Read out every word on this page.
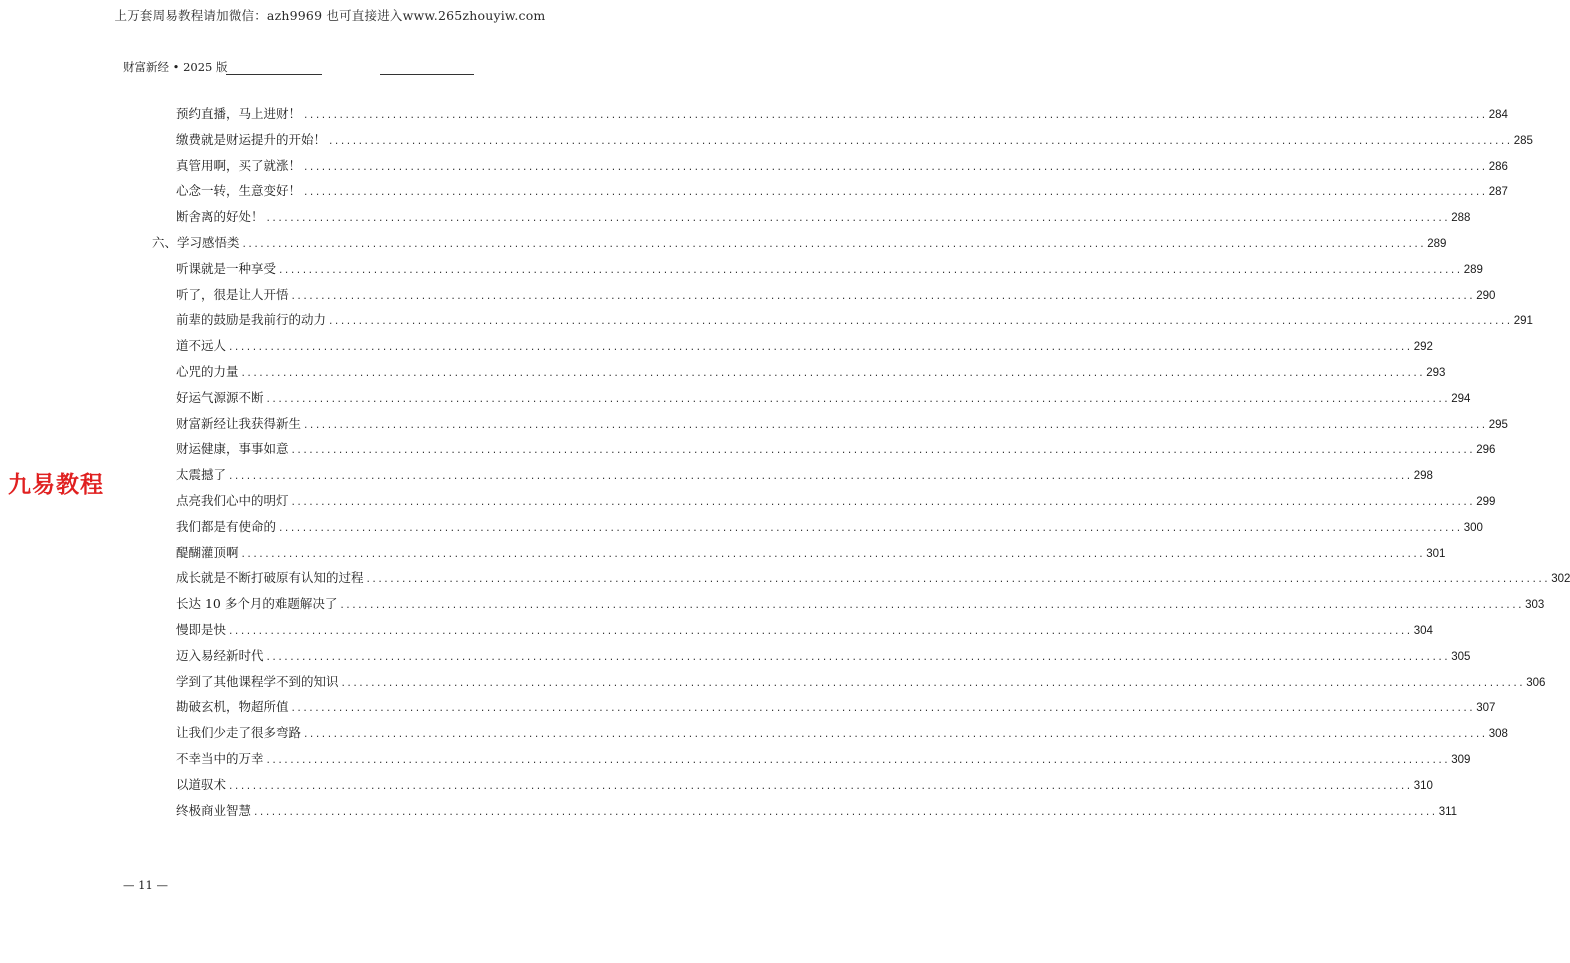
上万套周易教程请加微信：azh9969 也可直接进入www.265zhouyiw.com
财富新经 • 2025 版
预约直播，马上进财！ ........................................................................................................................................................................................................ 284
缴费就是财运提升的开始！ ........................................................................................................................................................................................................ 285
真管用啊，买了就涨！ ........................................................................................................................................................................................................ 286
心念一转，生意变好！ ........................................................................................................................................................................................................ 287
断舍离的好处！ ........................................................................................................................................................................................................ 288
六、学习感悟类 ........................................................................................................................................................................................................ 289
听课就是一种享受 ........................................................................................................................................................................................................ 289
听了，很是让人开悟 ........................................................................................................................................................................................................ 290
前辈的鼓励是我前行的动力 ........................................................................................................................................................................................................ 291
道不远人 ........................................................................................................................................................................................................ 292
心咒的力量 ........................................................................................................................................................................................................ 293
好运气源源不断 ........................................................................................................................................................................................................ 294
财富新经让我获得新生 ........................................................................................................................................................................................................ 295
财运健康，事事如意 ........................................................................................................................................................................................................ 296
太震撼了 ........................................................................................................................................................................................................ 298
点亮我们心中的明灯 ........................................................................................................................................................................................................ 299
我们都是有使命的 ........................................................................................................................................................................................................ 300
醍醐灌顶啊 ........................................................................................................................................................................................................ 301
成长就是不断打破原有认知的过程 ........................................................................................................................................................................................................ 302
长达 10 多个月的难题解决了 ........................................................................................................................................................................................................ 303
慢即是快 ........................................................................................................................................................................................................ 304
迈入易经新时代 ........................................................................................................................................................................................................ 305
学到了其他课程学不到的知识 ........................................................................................................................................................................................................ 306
勘破玄机，物超所值 ........................................................................................................................................................................................................ 307
让我们少走了很多弯路 ........................................................................................................................................................................................................ 308
不幸当中的万幸 ........................................................................................................................................................................................................ 309
以道驭术 ........................................................................................................................................................................................................ 310
终极商业智慧 ........................................................................................................................................................................................................ 311
九易教程
— 11 —
